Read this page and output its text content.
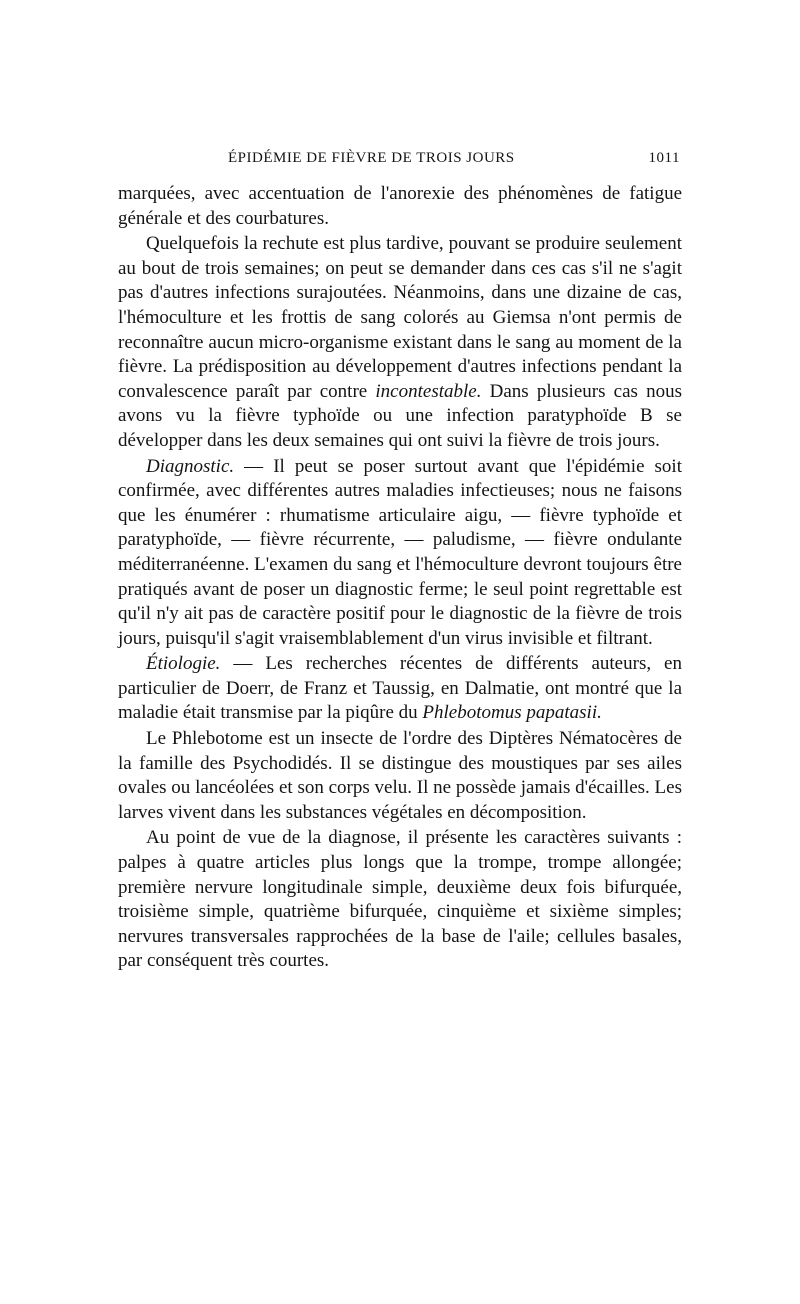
ÉPIDÉMIE DE FIÈVRE DE TROIS JOURS	1011

marquées, avec accentuation de l'anorexie des phénomènes de fatigue générale et des courbatures.

Quelquefois la rechute est plus tardive, pouvant se produire seulement au bout de trois semaines; on peut se demander dans ces cas s'il ne s'agit pas d'autres infections surajoutées. Néanmoins, dans une dizaine de cas, l'hémoculture et les frottis de sang colorés au Giemsa n'ont permis de reconnaître aucun micro-organisme existant dans le sang au moment de la fièvre. La prédisposition au développement d'autres infections pendant la convalescence paraît par contre incontestable. Dans plusieurs cas nous avons vu la fièvre typhoïde ou une infection paratyphoïde B se développer dans les deux semaines qui ont suivi la fièvre de trois jours.

Diagnostic. — Il peut se poser surtout avant que l'épidémie soit confirmée, avec différentes autres maladies infectieuses; nous ne faisons que les énumérer : rhumatisme articulaire aigu, — fièvre typhoïde et paratyphoïde, — fièvre récurrente, — paludisme, — fièvre ondulante méditerranéenne. L'examen du sang et l'hémoculture devront toujours être pratiqués avant de poser un diagnostic ferme; le seul point regrettable est qu'il n'y ait pas de caractère positif pour le diagnostic de la fièvre de trois jours, puisqu'il s'agit vraisemblablement d'un virus invisible et filtrant.

Étiologie. — Les recherches récentes de différents auteurs, en particulier de Doerr, de Franz et Taussig, en Dalmatie, ont montré que la maladie était transmise par la piqûre du Phlebotomus papatasii.

Le Phlebotome est un insecte de l'ordre des Diptères Nématocères de la famille des Psychodidés. Il se distingue des moustiques par ses ailes ovales ou lancéolées et son corps velu. Il ne possède jamais d'écailles. Les larves vivent dans les substances végétales en décomposition.

Au point de vue de la diagnose, il présente les caractères suivants : palpes à quatre articles plus longs que la trompe, trompe allongée; première nervure longitudinale simple, deuxième deux fois bifurquée, troisième simple, quatrième bifurquée, cinquième et sixième simples; nervures transversales rapprochées de la base de l'aile; cellules basales, par conséquent très courtes.
